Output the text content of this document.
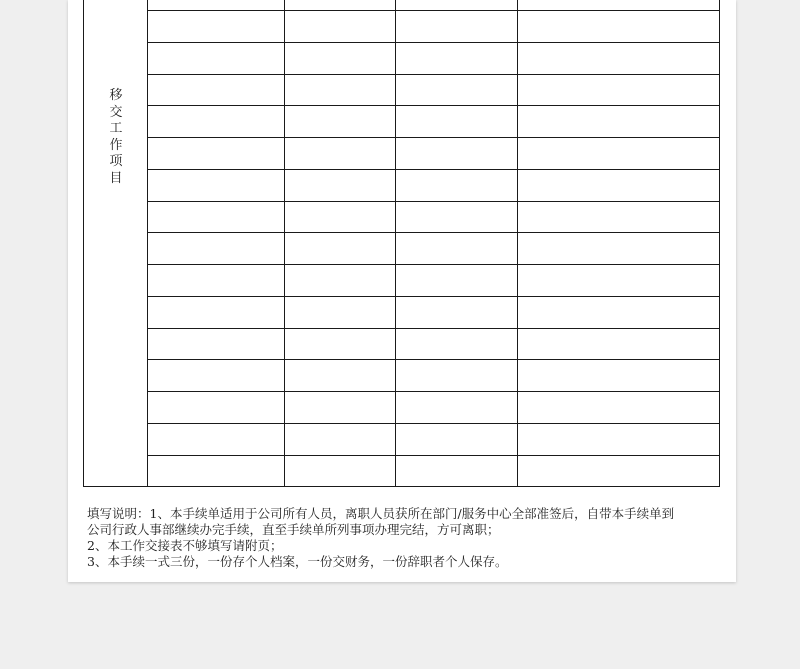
移
交
工
作
项
目

填写说明：1、本手续单适用于公司所有人员，离职人员获所在部门/服务中心全部准签后，自带本手续单到

公司行政人事部继续办完手续，直至手续单所列事项办理完结，方可离职；

2、本工作交接表不够填写请附页；

3、本手续一式三份，一份存个人档案，一份交财务，一份辞职者个人保存。
